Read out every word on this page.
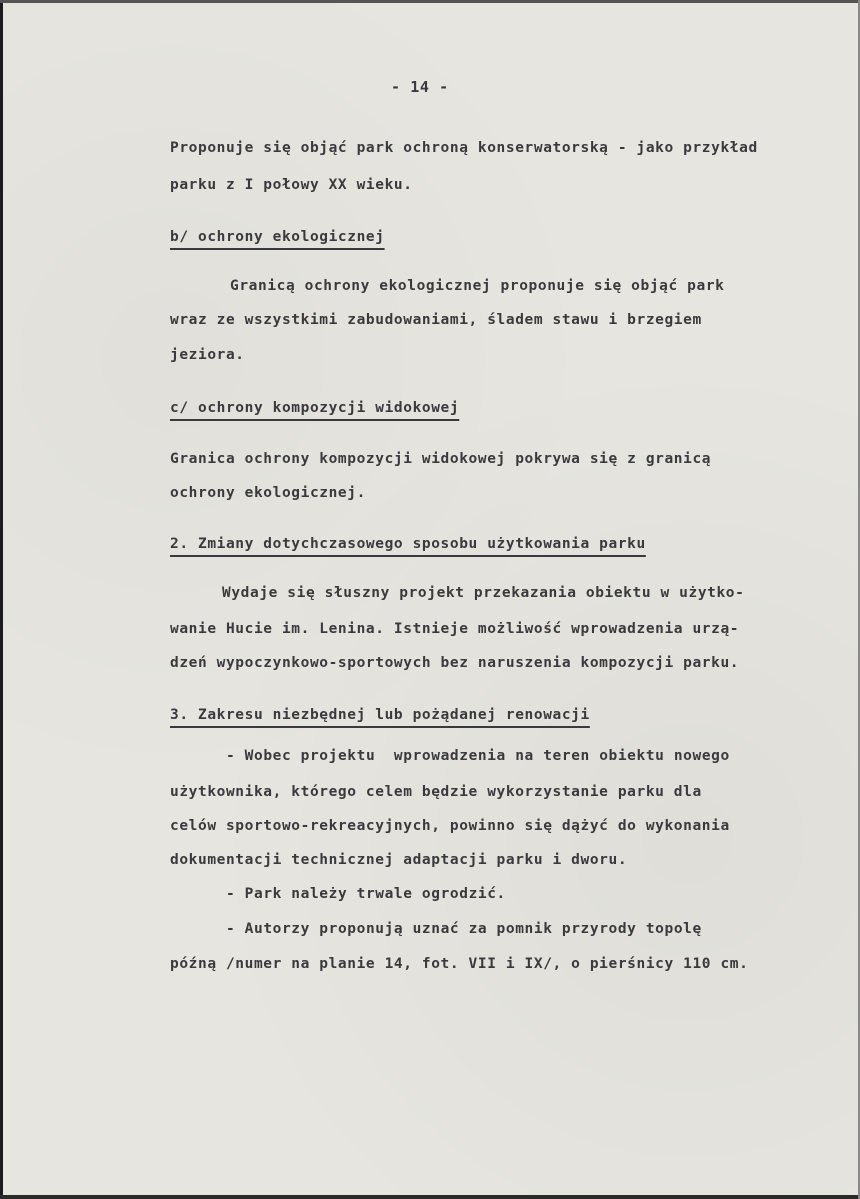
- 14 -
Proponuje się objąć park ochroną konserwatorską - jako przykład
parku z I połowy XX wieku.
b/ ochrony ekologicznej
Granicą ochrony ekologicznej proponuje się objąć park
wraz ze wszystkimi zabudowaniami, śladem stawu i brzegiem
jeziora.
c/ ochrony kompozycji widokowej
Granica ochrony kompozycji widokowej pokrywa się z granicą
ochrony ekologicznej.
2. Zmiany dotychczasowego sposobu użytkowania parku
Wydaje się słuszny projekt przekazania obiektu w użytko-
wanie Hucie im. Lenina. Istnieje możliwość wprowadzenia urzą-
dzeń wypoczynkowo-sportowych bez naruszenia kompozycji parku.
3. Zakresu niezbędnej lub pożądanej renowacji
- Wobec projektu  wprowadzenia na teren obiektu nowego
użytkownika, którego celem będzie wykorzystanie parku dla
celów sportowo-rekreacyjnych, powinno się dążyć do wykonania
dokumentacji technicznej adaptacji parku i dworu.
- Park należy trwale ogrodzić.
- Autorzy proponują uznać za pomnik przyrody topolę
późną /numer na planie 14, fot. VII i IX/, o pierśnicy 110 cm.
